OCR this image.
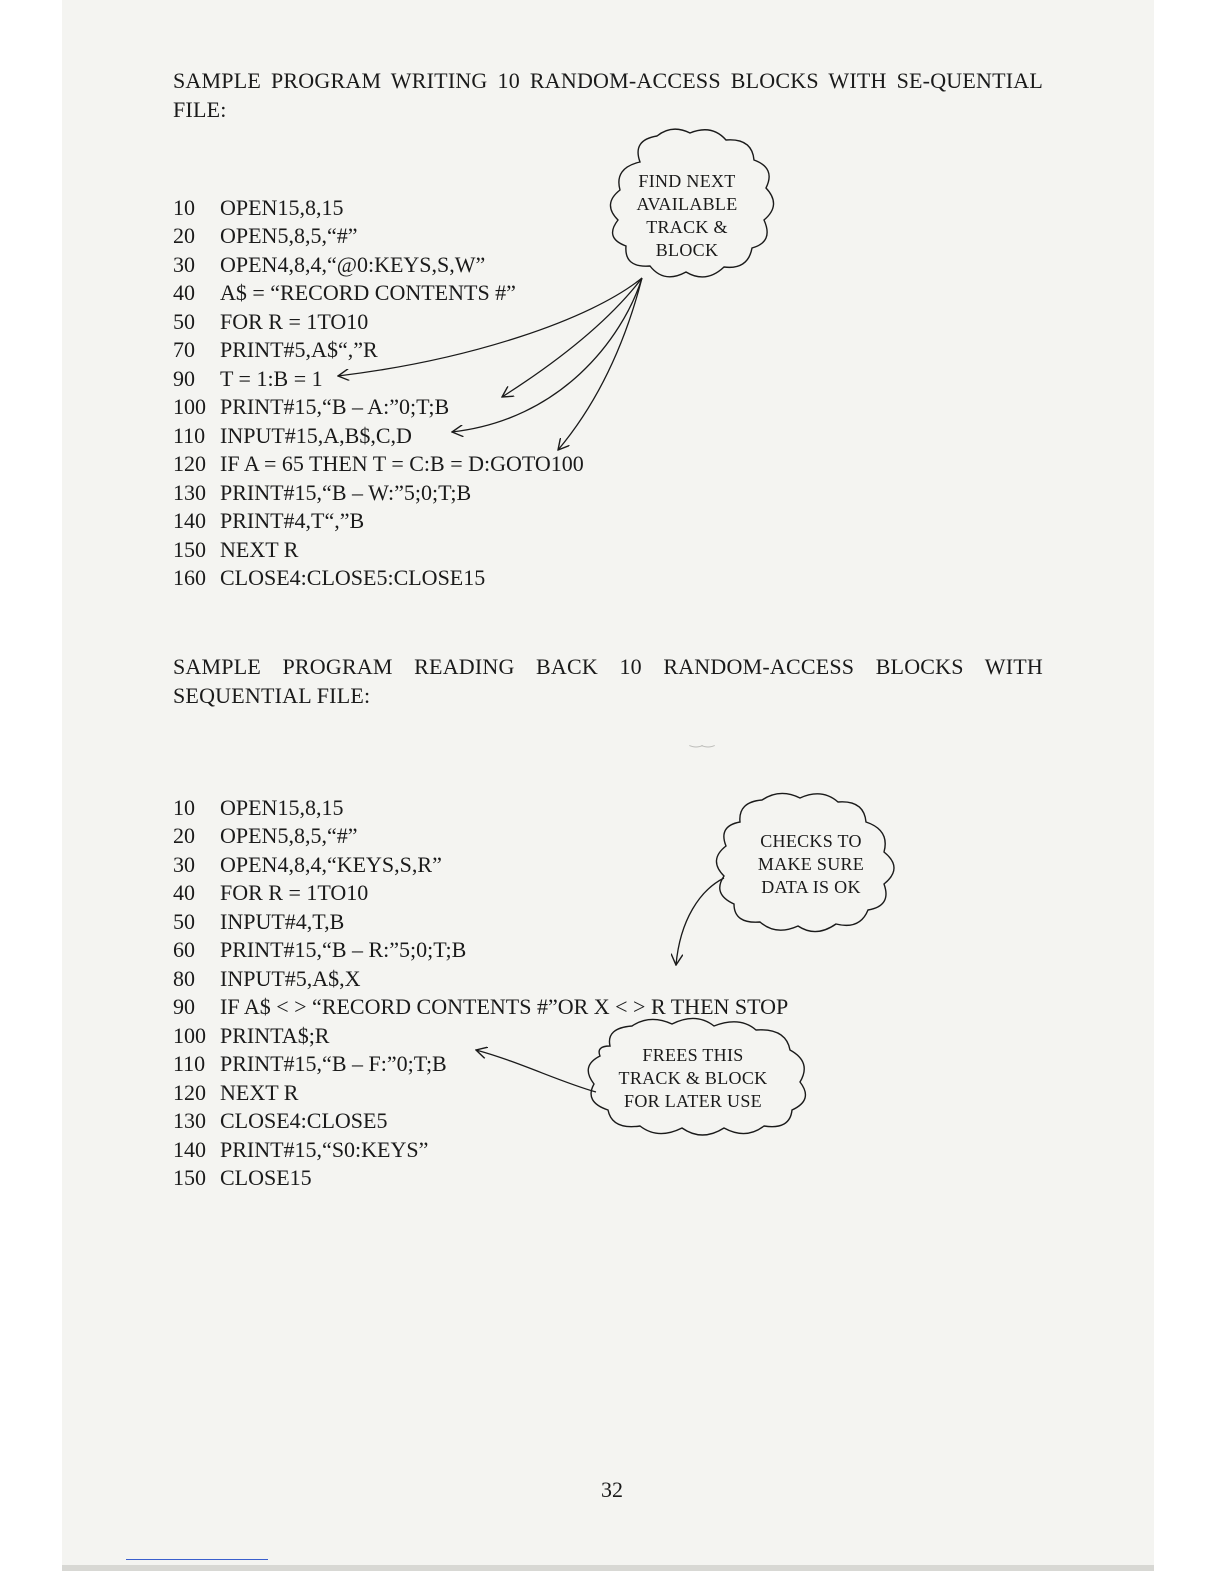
‿‿
SAMPLE PROGRAM WRITING 10 RANDOM-ACCESS BLOCKS WITH SE-QUENTIAL FILE:
10	OPEN15,8,15
20	OPEN5,8,5,“#”
30	OPEN4,8,4,“@0:KEYS,S,W”
40	A$ = “RECORD CONTENTS #”
50	FOR R = 1TO10
70	PRINT#5,A$“,”R
90	T = 1:B = 1
100 PRINT#15,“B – A:”0;T;B
110 INPUT#15,A,B$,C,D
120 IF A = 65 THEN T = C:B = D:GOTO100
130 PRINT#15,“B – W:”5;0;T;B
140 PRINT#4,T“,”B
150 NEXT R
160 CLOSE4:CLOSE5:CLOSE15
SAMPLE PROGRAM READING BACK 10 RANDOM-ACCESS BLOCKS WITH SEQUENTIAL FILE:
10	OPEN15,8,15
20	OPEN5,8,5,“#”
30	OPEN4,8,4,“KEYS,S,R”
40	FOR R = 1TO10
50	INPUT#4,T,B
60	PRINT#15,“B – R:”5;0;T;B
80	INPUT#5,A$,X
90	IF A$ < > “RECORD CONTENTS #”OR X < > R THEN STOP
100 PRINTA$;R
110 PRINT#15,“B – F:”0;T;B
120 NEXT R
130 CLOSE4:CLOSE5
140 PRINT#15,“S0:KEYS”
150 CLOSE15
FIND NEXT
AVAILABLE
TRACK &
BLOCK
CHECKS TO
MAKE SURE
DATA IS OK
FREES THIS
TRACK & BLOCK
FOR LATER USE
32
